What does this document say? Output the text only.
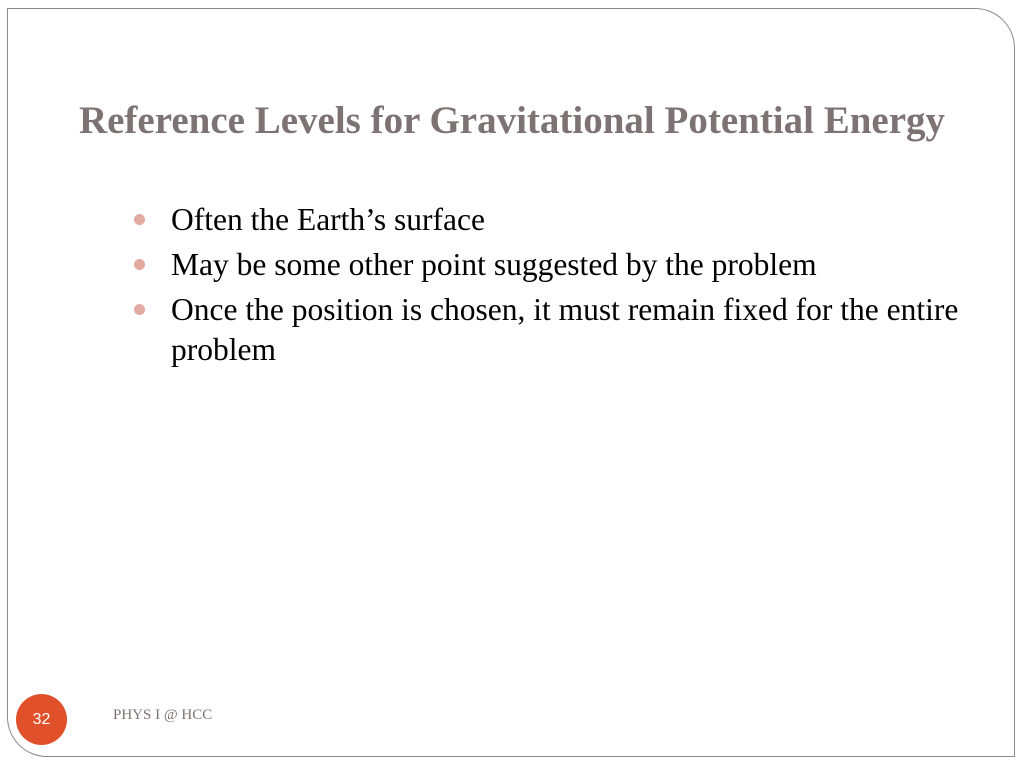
Reference Levels for Gravitational Potential Energy
Often the Earth’s surface
May be some other point suggested by the problem
Once the position is chosen, it must remain fixed for the entire problem
32	PHYS I @ HCC
